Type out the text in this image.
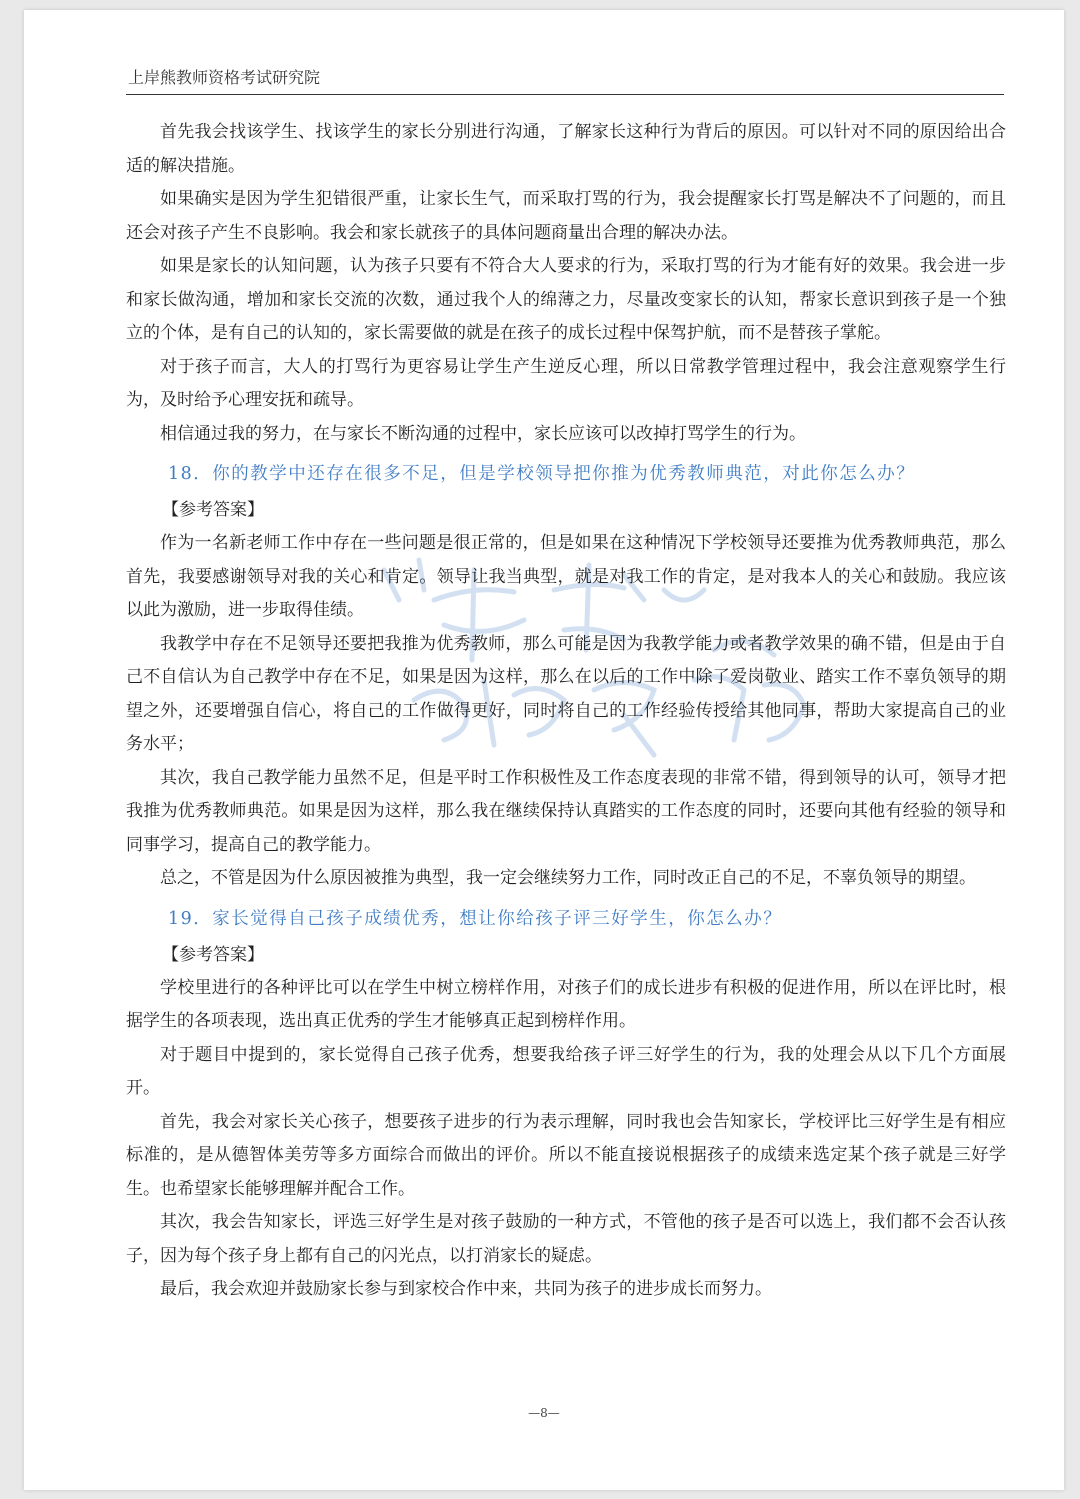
上岸熊教师资格考试研究院

首先我会找该学生、找该学生的家长分别进行沟通，了解家长这种行为背后的原因。可以针对不同的原因给出合适的解决措施。

如果确实是因为学生犯错很严重，让家长生气，而采取打骂的行为，我会提醒家长打骂是解决不了问题的，而且还会对孩子产生不良影响。我会和家长就孩子的具体问题商量出合理的解决办法。

如果是家长的认知问题，认为孩子只要有不符合大人要求的行为，采取打骂的行为才能有好的效果。我会进一步和家长做沟通，增加和家长交流的次数，通过我个人的绵薄之力，尽量改变家长的认知，帮家长意识到孩子是一个独立的个体，是有自己的认知的，家长需要做的就是在孩子的成长过程中保驾护航，而不是替孩子掌舵。

对于孩子而言，大人的打骂行为更容易让学生产生逆反心理，所以日常教学管理过程中，我会注意观察学生行为，及时给予心理安抚和疏导。

相信通过我的努力，在与家长不断沟通的过程中，家长应该可以改掉打骂学生的行为。

18．你的教学中还存在很多不足，但是学校领导把你推为优秀教师典范，对此你怎么办？
【参考答案】

作为一名新老师工作中存在一些问题是很正常的，但是如果在这种情况下学校领导还要推为优秀教师典范，那么首先，我要感谢领导对我的关心和肯定。领导让我当典型，就是对我工作的肯定，是对我本人的关心和鼓励。我应该以此为激励，进一步取得佳绩。

我教学中存在不足领导还要把我推为优秀教师，那么可能是因为我教学能力或者教学效果的确不错，但是由于自己不自信认为自己教学中存在不足，如果是因为这样，那么在以后的工作中除了爱岗敬业、踏实工作不辜负领导的期望之外，还要增强自信心，将自己的工作做得更好，同时将自己的工作经验传授给其他同事，帮助大家提高自己的业务水平；

其次，我自己教学能力虽然不足，但是平时工作积极性及工作态度表现的非常不错，得到领导的认可，领导才把我推为优秀教师典范。如果是因为这样，那么我在继续保持认真踏实的工作态度的同时，还要向其他有经验的领导和同事学习，提高自己的教学能力。

总之，不管是因为什么原因被推为典型，我一定会继续努力工作，同时改正自己的不足，不辜负领导的期望。

19．家长觉得自己孩子成绩优秀，想让你给孩子评三好学生，你怎么办？
【参考答案】

学校里进行的各种评比可以在学生中树立榜样作用，对孩子们的成长进步有积极的促进作用，所以在评比时，根据学生的各项表现，选出真正优秀的学生才能够真正起到榜样作用。

对于题目中提到的，家长觉得自己孩子优秀，想要我给孩子评三好学生的行为，我的处理会从以下几个方面展开。

首先，我会对家长关心孩子，想要孩子进步的行为表示理解，同时我也会告知家长，学校评比三好学生是有相应标准的，是从德智体美劳等多方面综合而做出的评价。所以不能直接说根据孩子的成绩来选定某个孩子就是三好学生。也希望家长能够理解并配合工作。

其次，我会告知家长，评选三好学生是对孩子鼓励的一种方式，不管他的孩子是否可以选上，我们都不会否认孩子，因为每个孩子身上都有自己的闪光点，以打消家长的疑虑。

最后，我会欢迎并鼓励家长参与到家校合作中来，共同为孩子的进步成长而努力。

—8—
